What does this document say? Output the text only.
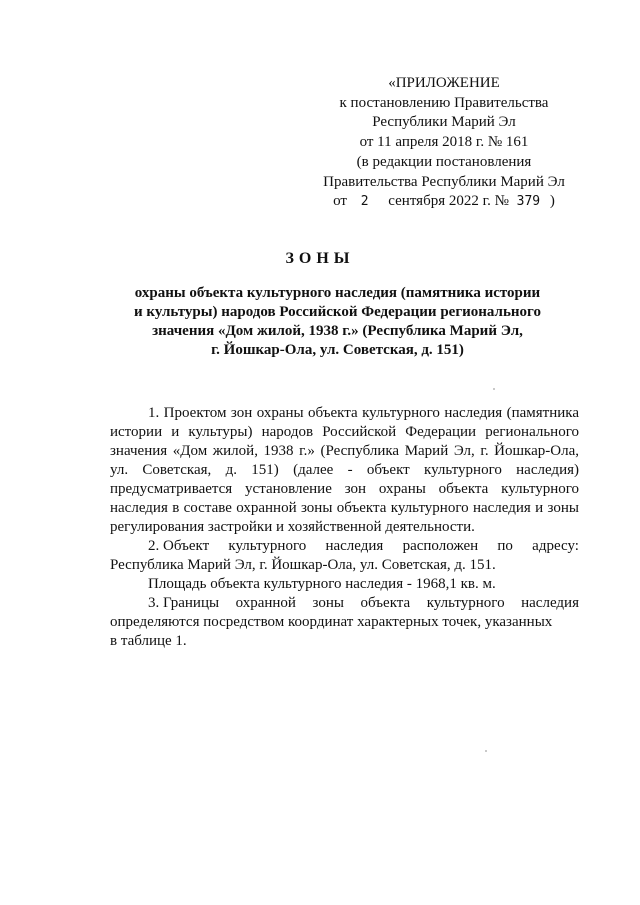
«ПРИЛОЖЕНИЕ
к постановлению Правительства
Республики Марий Эл
от 11 апреля 2018 г. № 161
(в редакции постановления
Правительства Республики Марий Эл
от 2 сентября 2022 г. № 379 )
ЗОНЫ
охраны объекта культурного наследия (памятника истории
и культуры) народов Российской Федерации регионального
значения «Дом жилой, 1938 г.» (Республика Марий Эл,
г. Йошкар-Ола, ул. Советская, д. 151)

1. Проектом зон охраны объекта культурного наследия (памятника истории и культуры) народов Российской Федерации регионального значения «Дом жилой, 1938 г.» (Республика Марий Эл, г. Йошкар-Ола, ул. Советская, д. 151) (далее - объект культурного наследия) предусматривается установление зон охраны объекта культурного наследия в составе охранной зоны объекта культурного наследия и зоны регулирования застройки и хозяйственной деятельности.

2. Объект культурного наследия расположен по адресу:
Республика Марий Эл, г. Йошкар-Ола, ул. Советская, д. 151.
Площадь объекта культурного наследия - 1968,1 кв. м.
3. Границы охранной зоны объекта культурного наследия
определяются посредством координат характерных точек, указанных
в таблице 1.
